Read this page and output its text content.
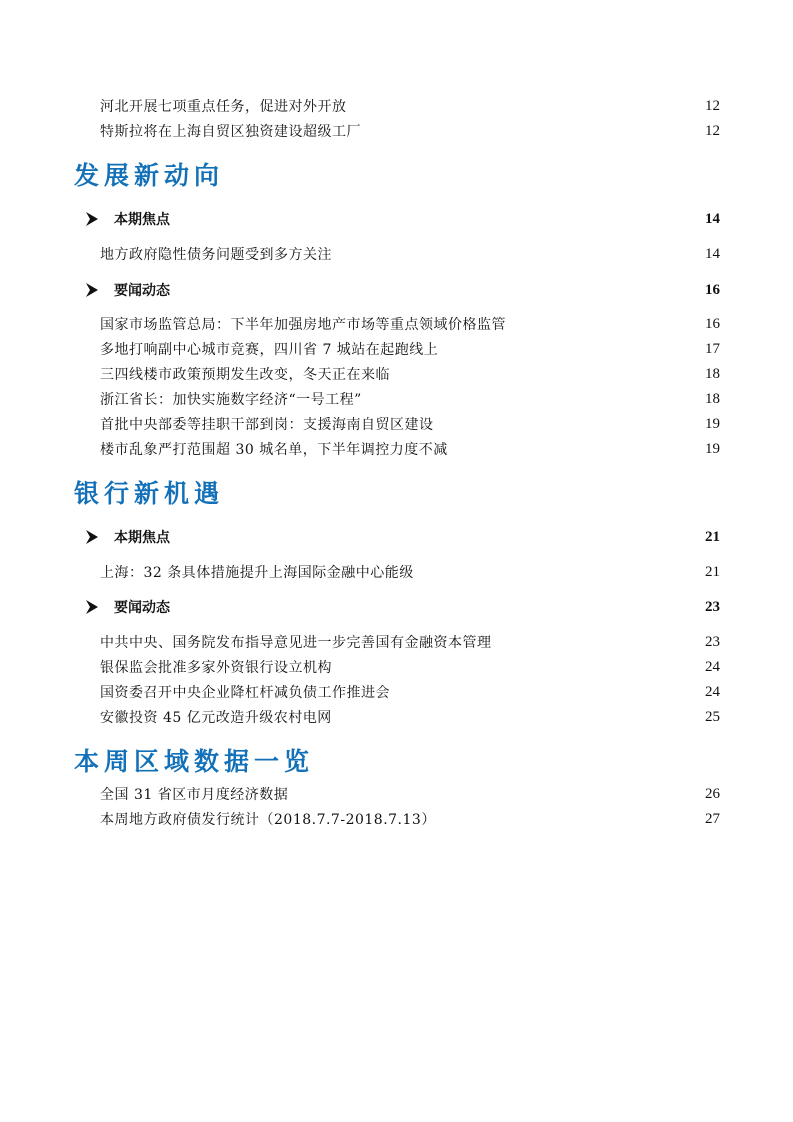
河北开展七项重点任务，促进对外开放	12
特斯拉将在上海自贸区独资建设超级工厂	12
发展新动向
本期焦点	14
地方政府隐性债务问题受到多方关注	14
要闻动态	16
国家市场监管总局：下半年加强房地产市场等重点领域价格监管	16
多地打响副中心城市竞赛，四川省 7 城站在起跑线上	17
三四线楼市政策预期发生改变，冬天正在来临	18
浙江省长：加快实施数字经济“一号工程”	18
首批中央部委等挂职干部到岗：支援海南自贸区建设	19
楼市乱象严打范围超 30 城名单，下半年调控力度不减	19
银行新机遇
本期焦点	21
上海：32 条具体措施提升上海国际金融中心能级	21
要闻动态	23
中共中央、国务院发布指导意见进一步完善国有金融资本管理	23
银保监会批准多家外资银行设立机构	24
国资委召开中央企业降杠杆减负债工作推进会	24
安徽投资 45 亿元改造升级农村电网	25
本周区域数据一览
全国 31 省区市月度经济数据	26
本周地方政府债发行统计（2018.7.7-2018.7.13）	27
